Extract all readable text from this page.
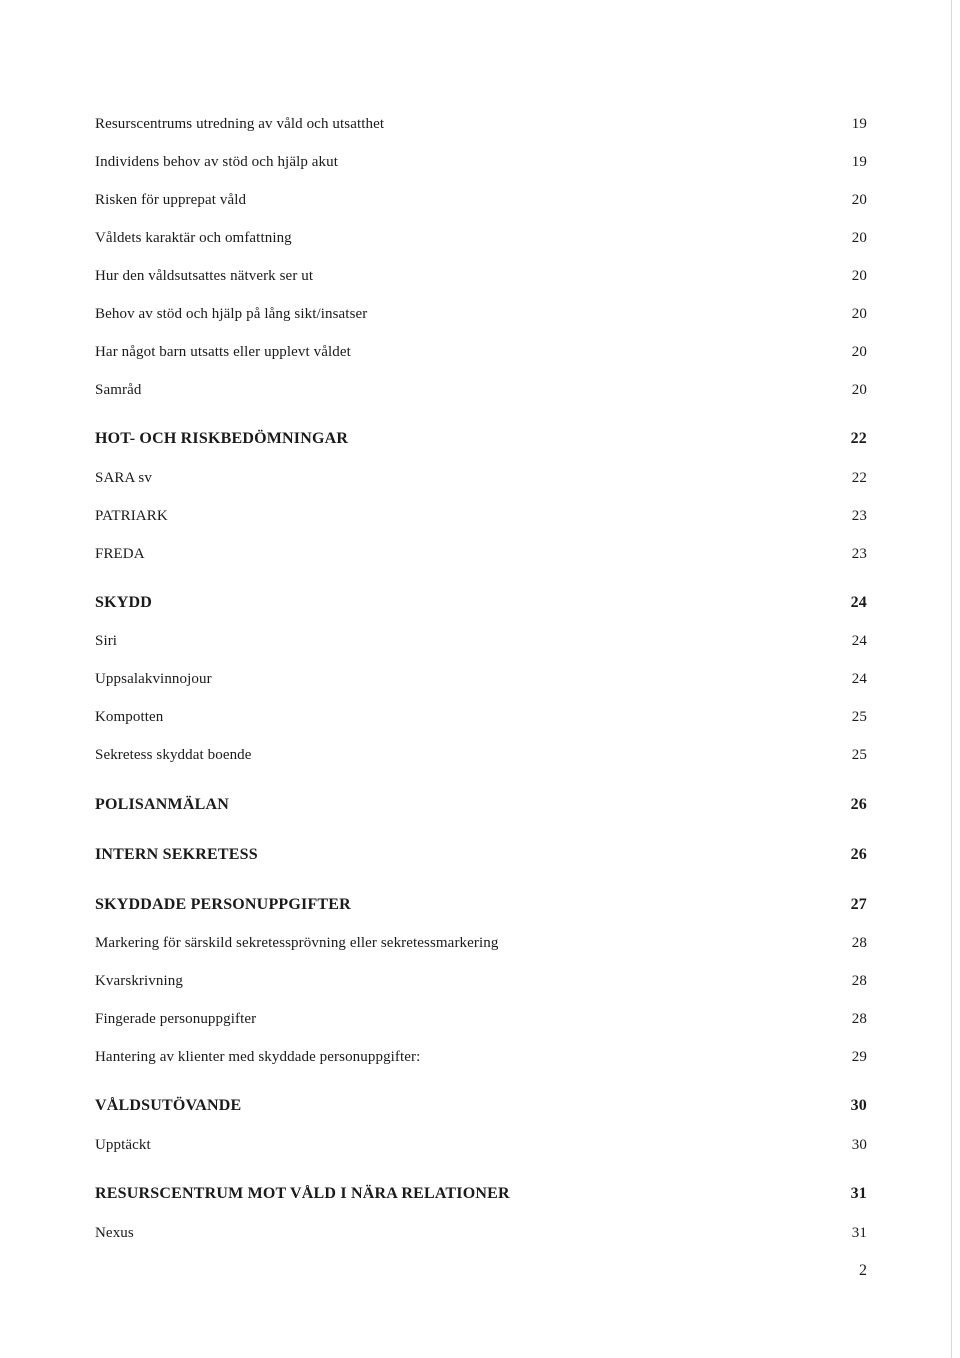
Resurscentrums utredning av våld och utsatthet	19
Individens behov av stöd och hjälp akut	19
Risken för upprepat våld	20
Våldets karaktär och omfattning	20
Hur den våldsutsattes nätverk ser ut	20
Behov av stöd och hjälp på lång sikt/insatser	20
Har något barn utsatts eller upplevt våldet	20
Samråd	20
HOT- OCH RISKBEDÖMNINGAR	22
SARA sv	22
PATRIARK	23
FREDA	23
SKYDD	24
Siri	24
Uppsalakvinnojour	24
Kompotten	25
Sekretess skyddat boende	25
POLISANMÄLAN	26
INTERN SEKRETESS	26
SKYDDADE PERSONUPPGIFTER	27
Markering för särskild sekretessprövning eller sekretessmarkering	28
Kvarskrivning	28
Fingerade personuppgifter	28
Hantering av klienter med skyddade personuppgifter:	29
VÅLDSUTÖVANDE	30
Upptäckt	30
RESURSCENTRUM MOT VÅLD I NÄRA RELATIONER	31
Nexus	31
2
